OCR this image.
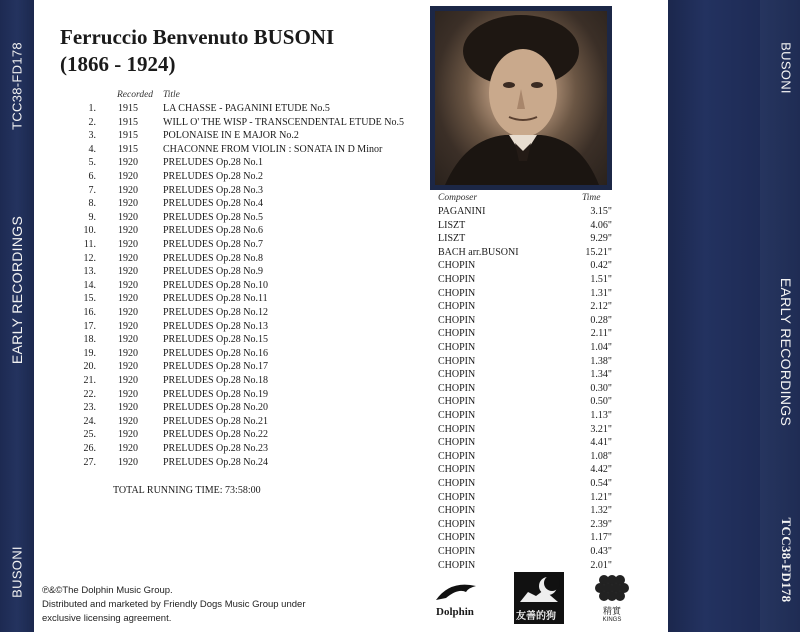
TCC38-FD178
EARLY RECORDINGS
BUSONI
BUSONI
EARLY RECORDINGS
TCC38-FD178
Ferruccio Benvenuto BUSONI
(1866 - 1924)
Recorded Title
Composer	Time
1. 1915	LA CHASSE - PAGANINI ETUDE No.5
2. 1915	WILL O' THE WISP - TRANSCENDENTAL ETUDE No.5
3. 1915	POLONAISE IN E MAJOR No.2
4. 1915	CHACONNE FROM VIOLIN : SONATA IN D Minor
5. 1920	PRELUDES Op.28 No.1
6. 1920	PRELUDES Op.28 No.2
7. 1920	PRELUDES Op.28 No.3
8. 1920	PRELUDES Op.28 No.4
9. 1920	PRELUDES Op.28 No.5
10. 1920	PRELUDES Op.28 No.6
11. 1920	PRELUDES Op.28 No.7
12. 1920	PRELUDES Op.28 No.8
13. 1920	PRELUDES Op.28 No.9
14. 1920	PRELUDES Op.28 No.10
15. 1920	PRELUDES Op.28 No.11
16. 1920	PRELUDES Op.28 No.12
17. 1920	PRELUDES Op.28 No.13
18. 1920	PRELUDES Op.28 No.15
19. 1920	PRELUDES Op.28 No.16
20. 1920	PRELUDES Op.28 No.17
21. 1920	PRELUDES Op.28 No.18
22. 1920	PRELUDES Op.28 No.19
23. 1920	PRELUDES Op.28 No.20
24. 1920	PRELUDES Op.28 No.21
25. 1920	PRELUDES Op.28 No.22
26. 1920	PRELUDES Op.28 No.23
27. 1920	PRELUDES Op.28 No.24
PAGANINI	3.15"
LISZT	4.06"
LISZT	9.29"
BACH arr.BUSONI	15.21"
CHOPIN	0.42"
CHOPIN	1.51"
CHOPIN	1.31"
CHOPIN	2.12"
CHOPIN	0.28"
CHOPIN	2.11"
CHOPIN	1.04"
CHOPIN	1.38"
CHOPIN	1.34"
CHOPIN	0.30"
CHOPIN	0.50"
CHOPIN	1.13"
CHOPIN	3.21"
CHOPIN	4.41"
CHOPIN	1.08"
CHOPIN	4.42"
CHOPIN	0.54"
CHOPIN	1.21"
CHOPIN	1.32"
CHOPIN	2.39"
CHOPIN	1.17"
CHOPIN	0.43"
CHOPIN	2.01"
TOTAL RUNNING TIME: 73:58:00
℗&©The Dolphin Music Group.
Distributed and marketed by Friendly Dogs Music Group under
exclusive licensing agreement.
Dolphin	友善的狗	精實
KINGS
